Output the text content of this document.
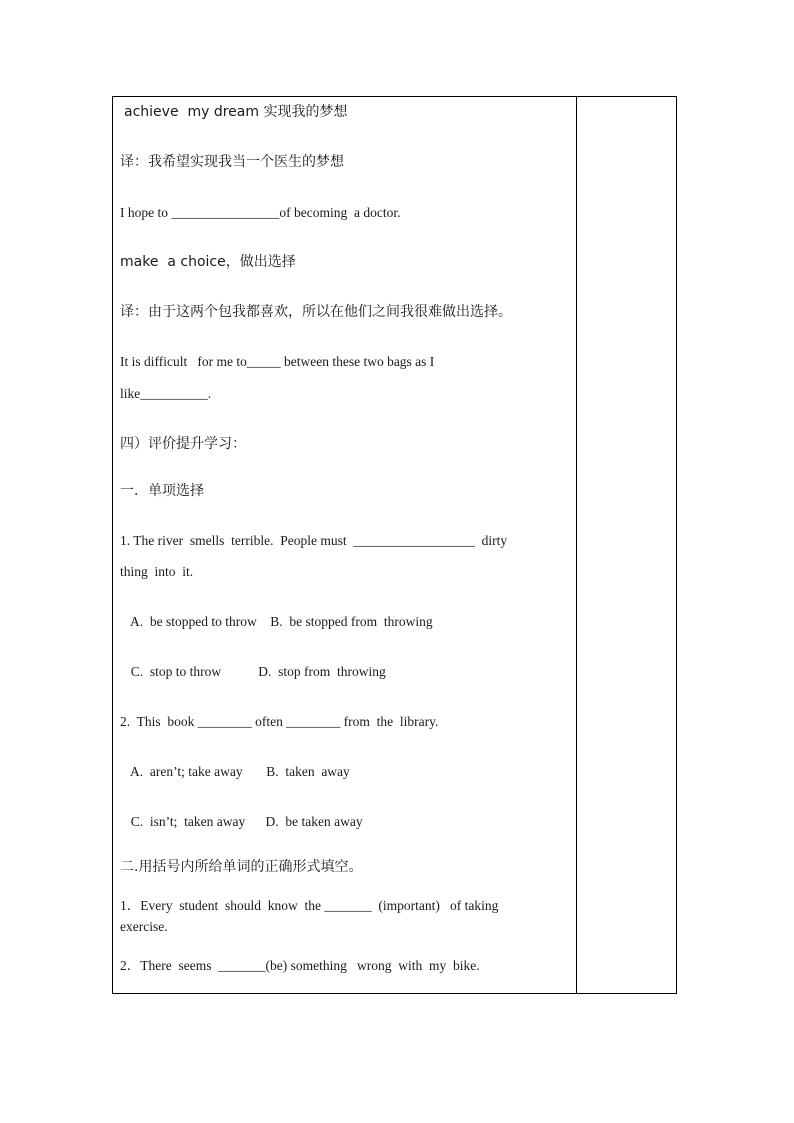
achieve  my dream 实现我的梦想
译：我希望实现我当一个医生的梦想
I hope to ________________of becoming  a doctor.
make  a choice，做出选择
译：由于这两个包我都喜欢，所以在他们之间我很难做出选择。
It is difficult   for me to_____ between these two bags as I
like__________.
四）评价提升学习：
一．单项选择
1. The river  smells  terrible.  People must  __________________  dirty
thing  into  it.
A.  be stopped to throw    B.  be stopped from  throwing
C.  stop to throw           D.  stop from  throwing
2.  This  book ________ often ________ from  the  library.
A.  aren’t; take away       B.  taken  away
C.  isn’t;  taken away      D.  be taken away
二.用括号内所给单词的正确形式填空。
1．Every  student  should  know  the _______  (important)   of taking
exercise.
2．There  seems  _______(be) something   wrong  with  my  bike.
